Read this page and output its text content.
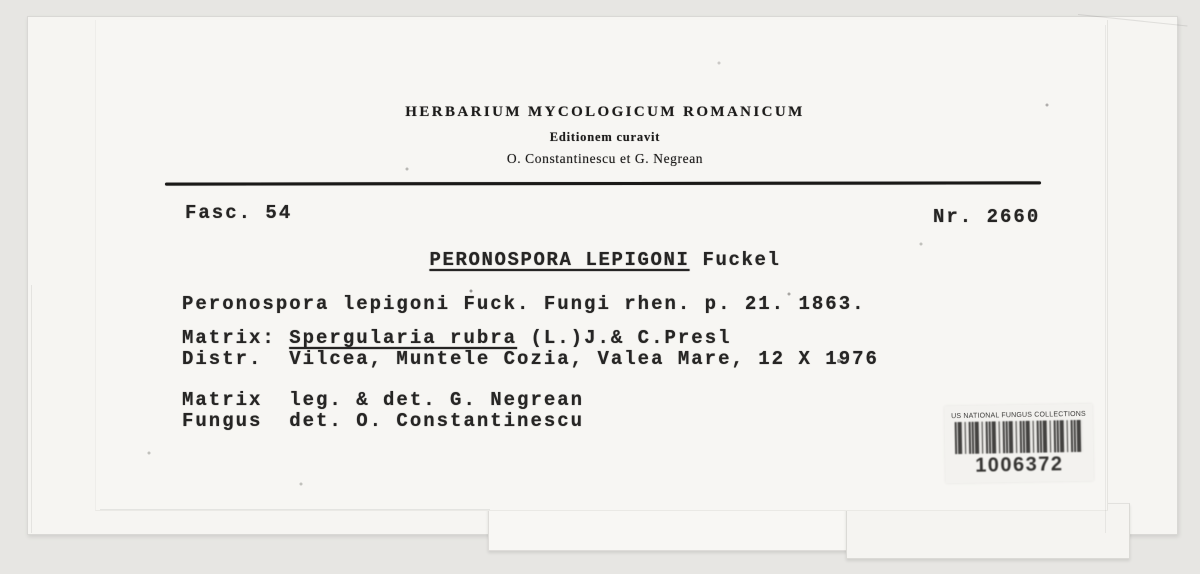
HERBARIUM MYCOLOGICUM ROMANICUM
Editionem curavit
O. Constantinescu et G. Negrean
Fasc. 54	Nr. 2660
PERONOSPORA LEPIGONI Fuckel
Peronospora lepigoni Fuck. Fungi rhen. p. 21. 1863.
Matrix: Spergularia rubra (L.)J.& C.Presl
Distr.  Vilcea, Muntele Cozia, Valea Mare, 12 X 1976
Matrix  leg. & det. G. Negrean
Fungus  det. O. Constantinescu	US NATIONAL FUNGUS COLLECTIONS
1006372
